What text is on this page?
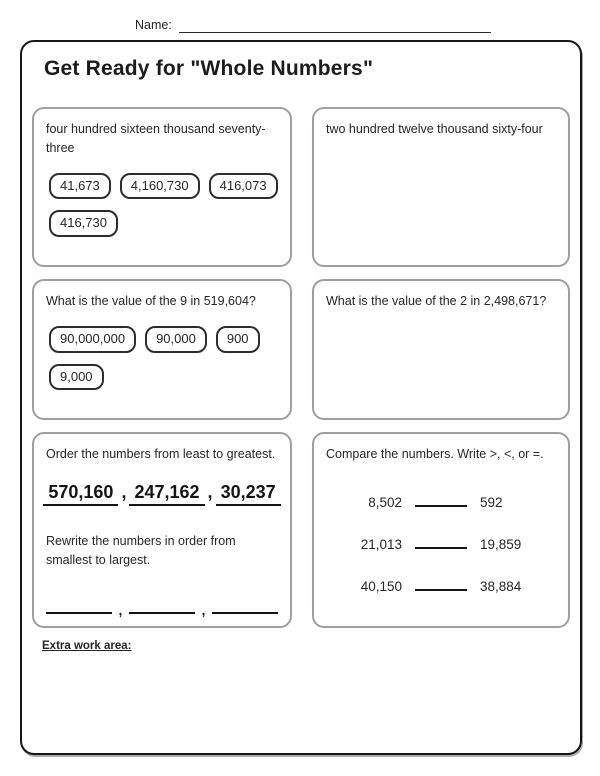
Name:
Get Ready for "Whole Numbers"
four hundred sixteen thousand seventy-three
41,673	4,160,730	416,073
416,730
two hundred twelve thousand sixty-four
What is the value of the 9 in 519,604?
90,000,000	90,000	900
9,000
What is the value of the 2 in 2,498,671?
Order the numbers from least to greatest.
570,160 , 247,162 , 30,237
Rewrite the numbers in order from smallest to largest.
,	,
Compare the numbers. Write >, <, or =.
8,502	592
21,013	19,859
40,150	38,884
Extra work area:
